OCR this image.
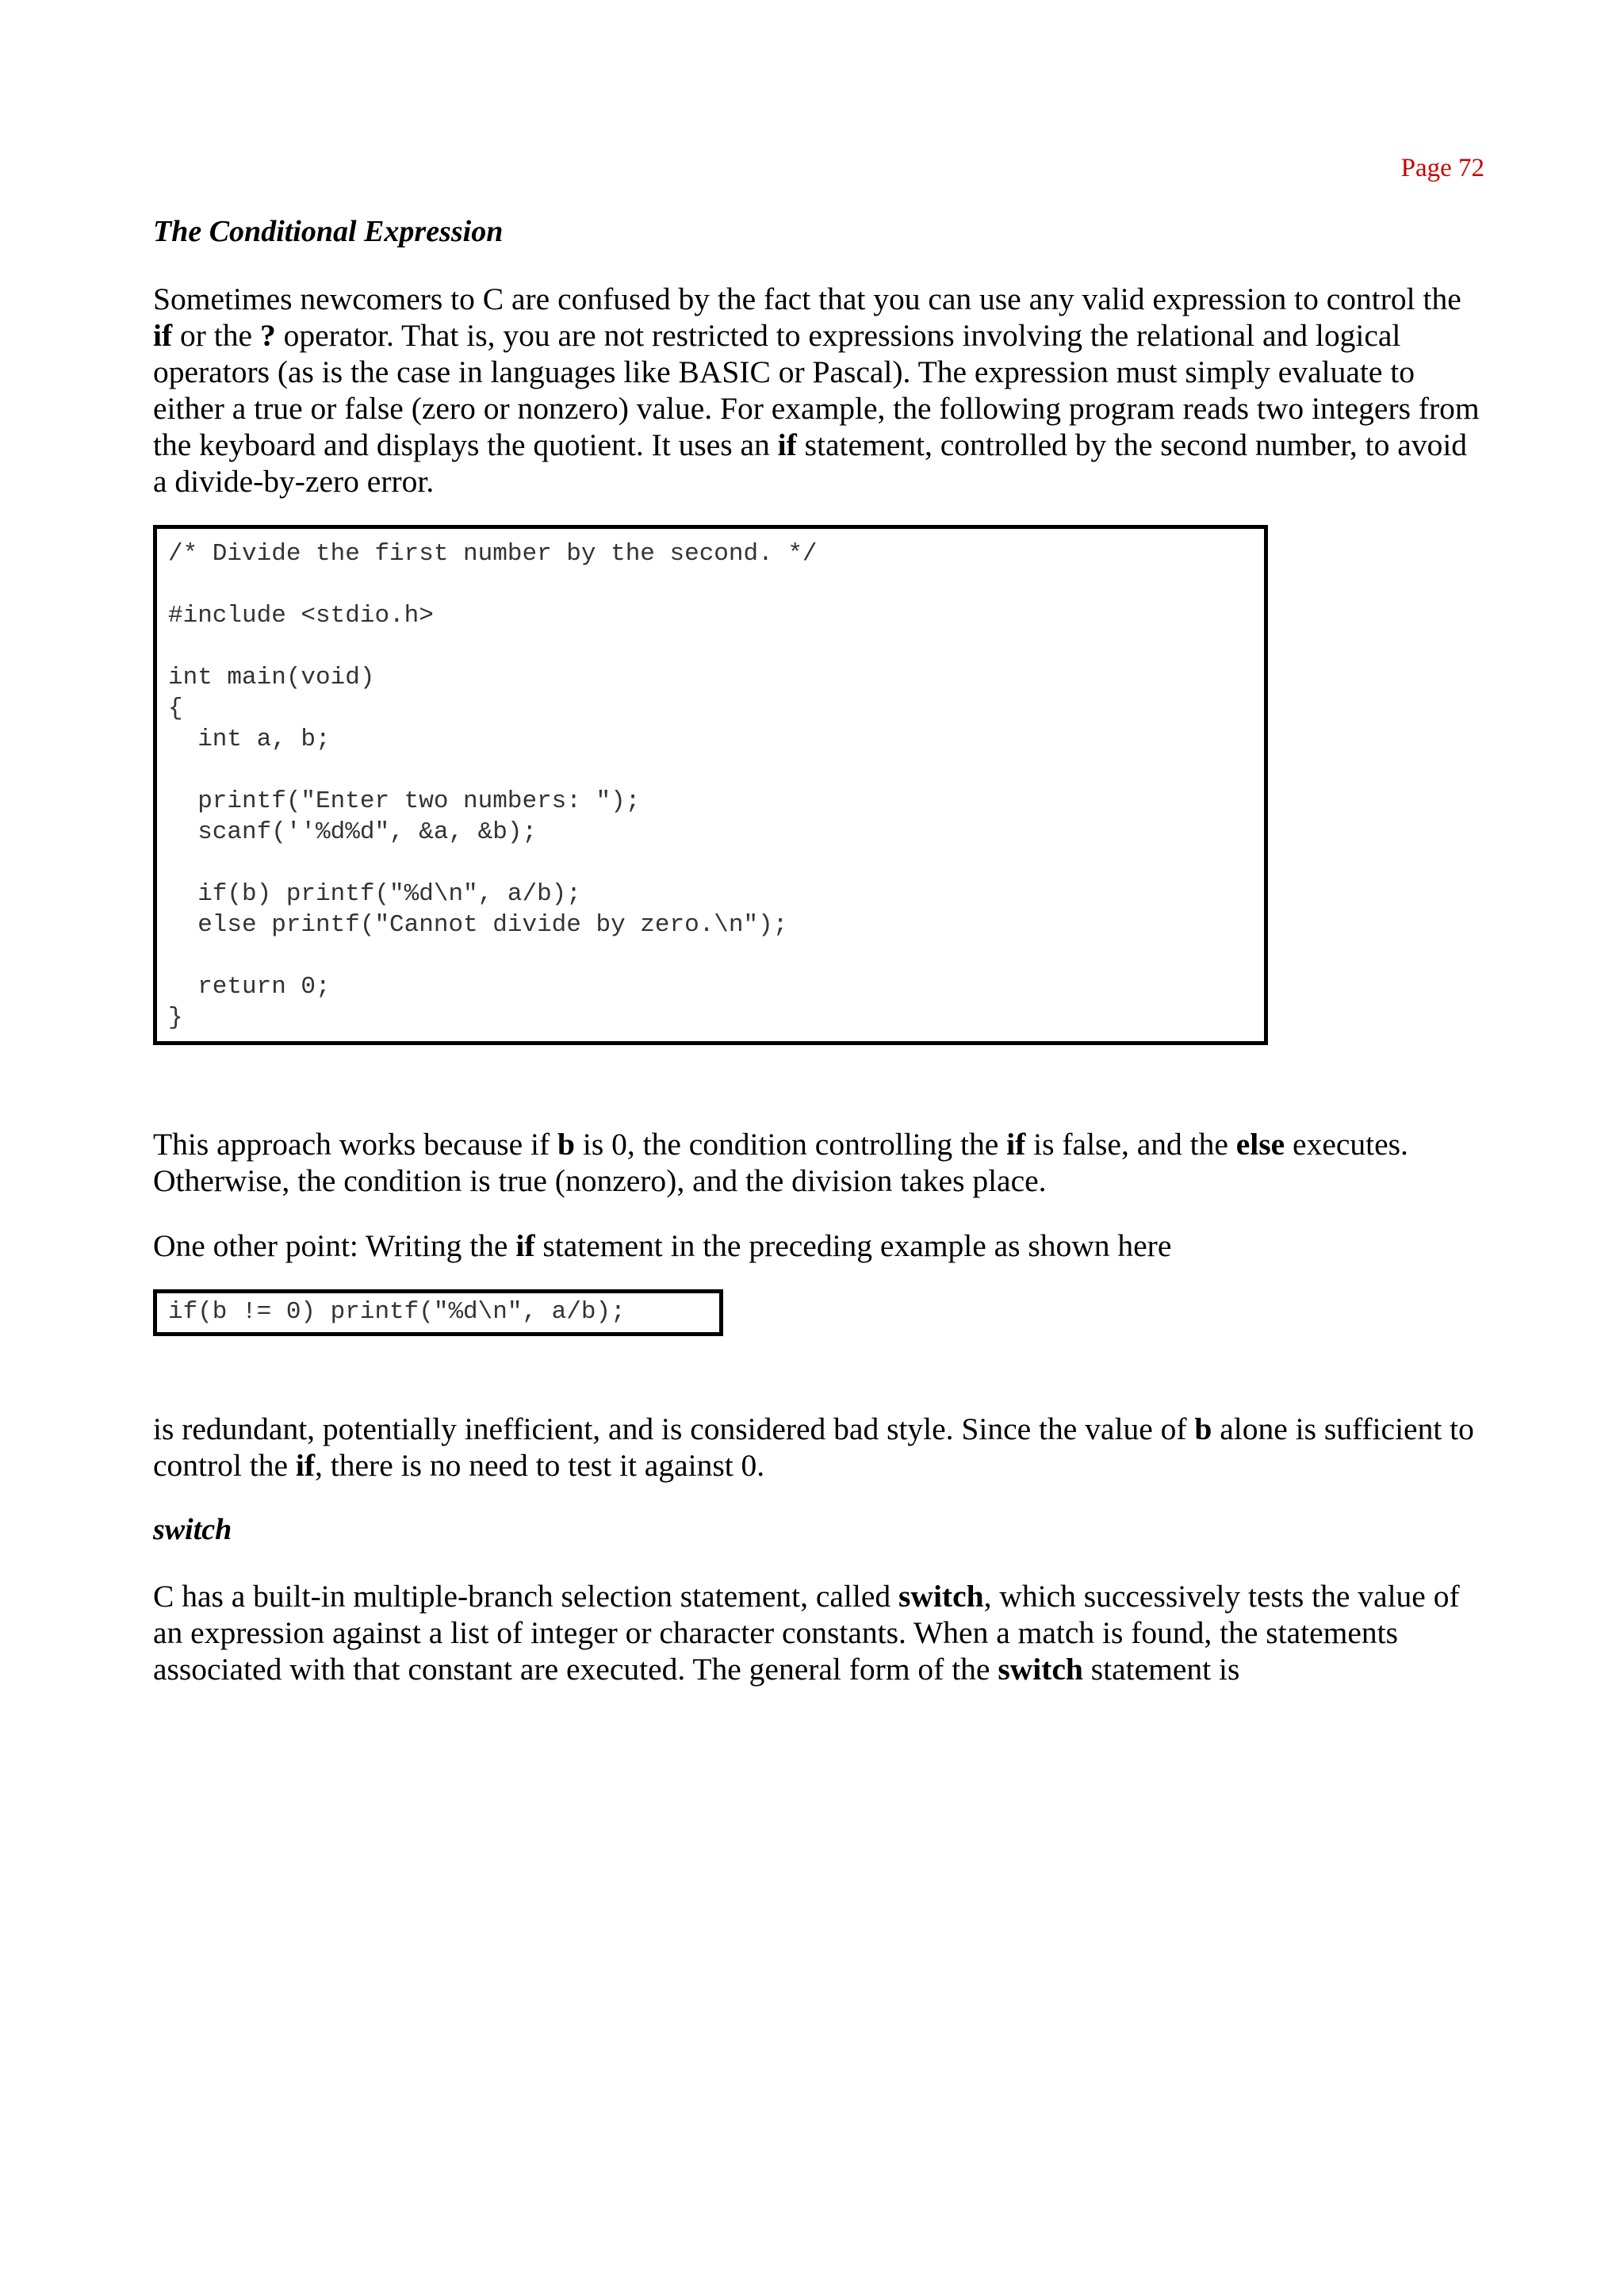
Page 72
The Conditional Expression

Sometimes newcomers to C are confused by the fact that you can use any valid expression to control the if or the ? operator. That is, you are not restricted to expressions involving the relational and logical operators (as is the case in languages like BASIC or Pascal). The expression must simply evaluate to either a true or false (zero or nonzero) value. For example, the following program reads two integers from the keyboard and displays the quotient. It uses an if statement, controlled by the second number, to avoid a divide-by-zero error.

/* Divide the first number by the second. */
#include <stdio.h>
int main(void)
{
int a, b;
printf("Enter two numbers: ");
scanf(''%d%d", &a, &b);
if(b) printf("%d\n", a/b);
else printf("Cannot divide by zero.\n");
return 0;
}

This approach works because if b is 0, the condition controlling the if is false, and the else executes. Otherwise, the condition is true (nonzero), and the division takes place.

One other point: Writing the if statement in the preceding example as shown here

if(b != 0) printf("%d\n", a/b);

is redundant, potentially inefficient, and is considered bad style. Since the value of b alone is sufficient to control the if, there is no need to test it against 0.

switch

C has a built-in multiple-branch selection statement, called switch, which successively tests the value of an expression against a list of integer or character constants. When a match is found, the statements associated with that constant are executed. The general form of the switch statement is
